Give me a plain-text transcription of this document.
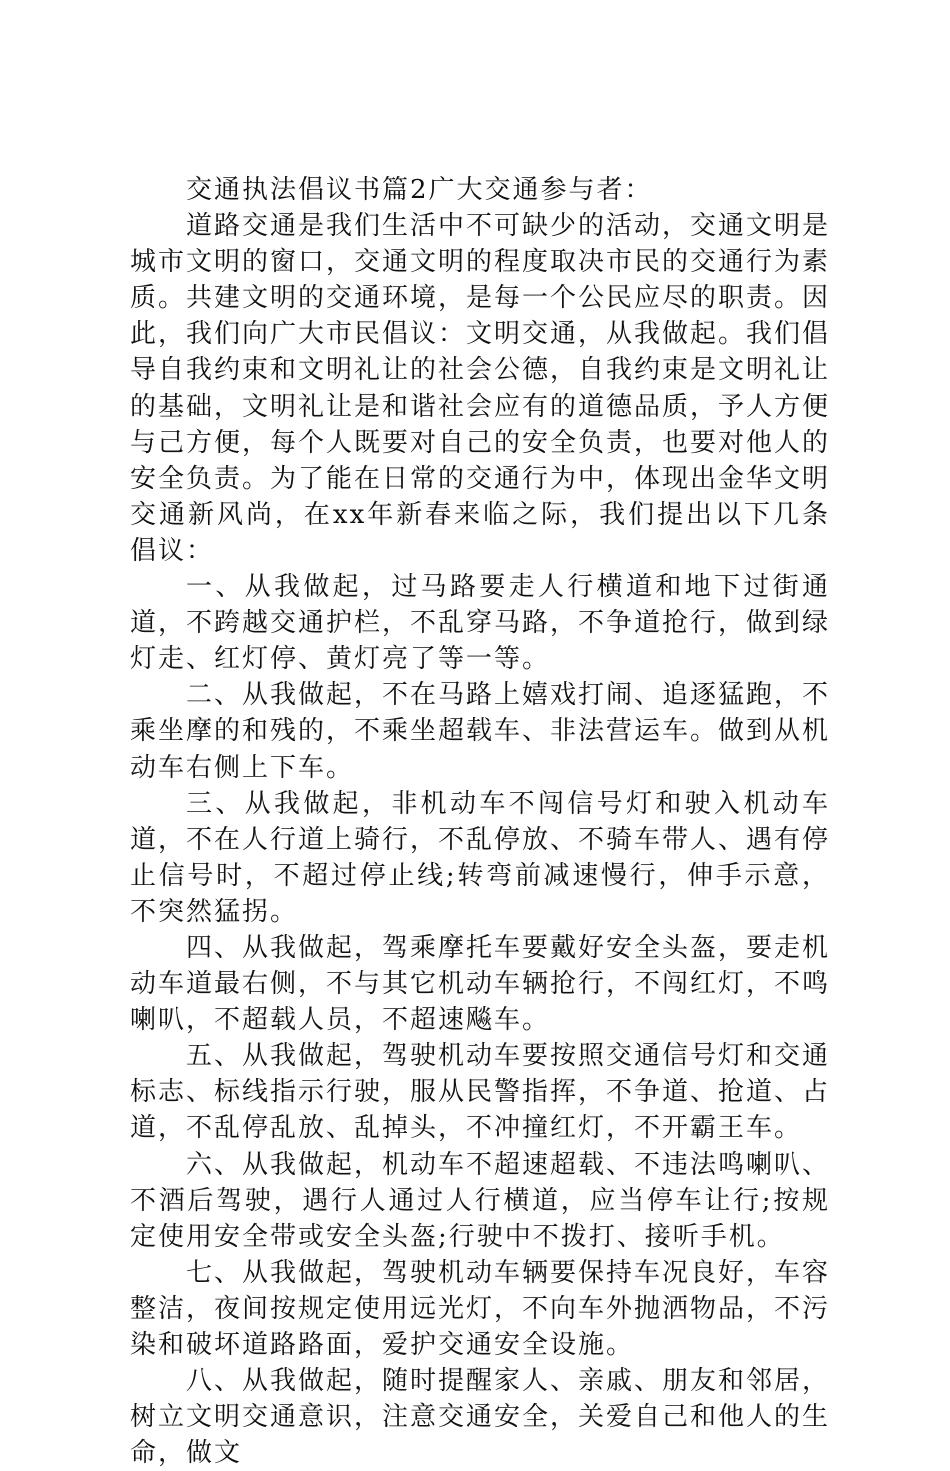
交通执法倡议书篇2广大交通参与者：

道路交通是我们生活中不可缺少的活动，交通文明是城市文明的窗口，交通文明的程度取决市民的交通行为素质。共建文明的交通环境，是每一个公民应尽的职责。因此，我们向广大市民倡议：文明交通，从我做起。我们倡导自我约束和文明礼让的社会公德，自我约束是文明礼让的基础，文明礼让是和谐社会应有的道德品质，予人方便与己方便，每个人既要对自己的安全负责，也要对他人的安全负责。为了能在日常的交通行为中，体现出金华文明交通新风尚，在xx年新春来临之际，我们提出以下几条倡议：

一、从我做起，过马路要走人行横道和地下过街通道，不跨越交通护栏，不乱穿马路，不争道抢行，做到绿灯走、红灯停、黄灯亮了等一等。

二、从我做起，不在马路上嬉戏打闹、追逐猛跑，不乘坐摩的和残的，不乘坐超载车、非法营运车。做到从机动车右侧上下车。

三、从我做起，非机动车不闯信号灯和驶入机动车道，不在人行道上骑行，不乱停放、不骑车带人、遇有停止信号时，不超过停止线;转弯前减速慢行，伸手示意，不突然猛拐。

四、从我做起，驾乘摩托车要戴好安全头盔，要走机动车道最右侧，不与其它机动车辆抢行，不闯红灯，不鸣喇叭，不超载人员，不超速飚车。

五、从我做起，驾驶机动车要按照交通信号灯和交通标志、标线指示行驶，服从民警指挥，不争道、抢道、占道，不乱停乱放、乱掉头，不冲撞红灯，不开霸王车。

六、从我做起，机动车不超速超载、不违法鸣喇叭、不酒后驾驶，遇行人通过人行横道，应当停车让行;按规定使用安全带或安全头盔;行驶中不拨打、接听手机。

七、从我做起，驾驶机动车辆要保持车况良好，车容整洁，夜间按规定使用远光灯，不向车外抛洒物品，不污染和破坏道路路面，爱护交通安全设施。

八、从我做起，随时提醒家人、亲戚、朋友和邻居，树立文明交通意识，注意交通安全，关爱自己和他人的生命，做文
